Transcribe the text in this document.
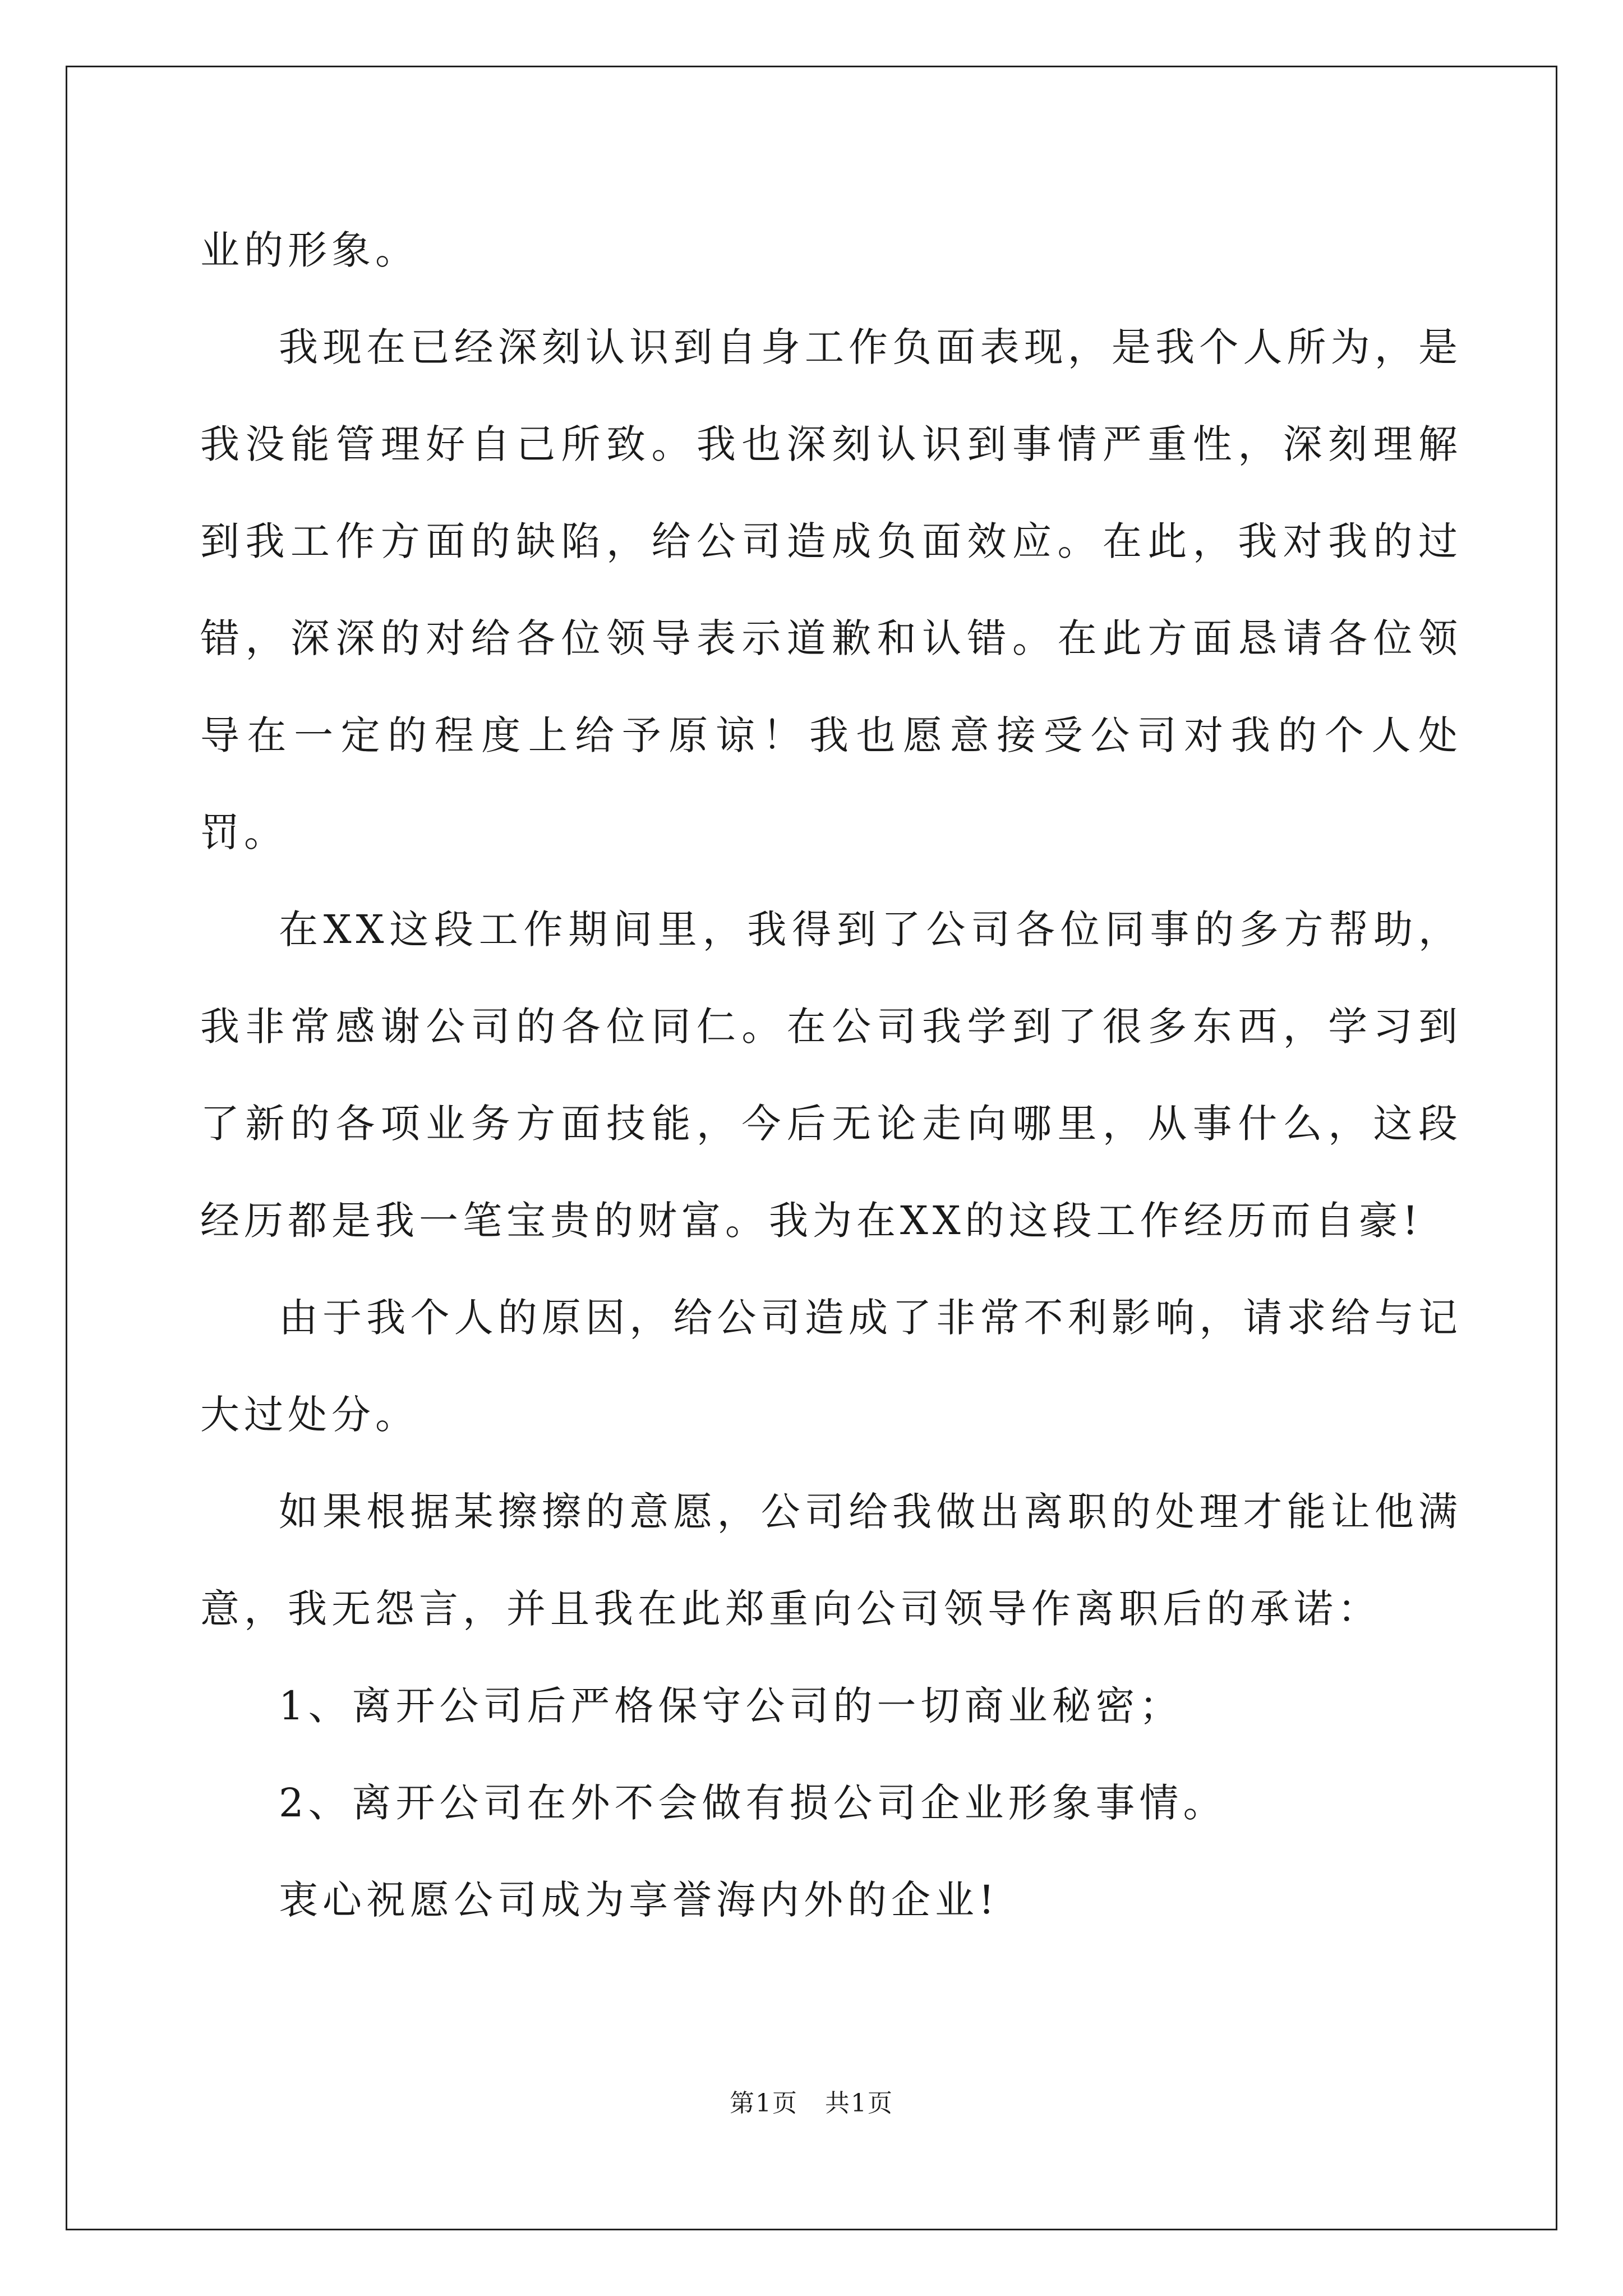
业的形象。

我现在已经深刻认识到自身工作负面表现，是我个人所为，是我没能管理好自己所致。我也深刻认识到事情严重性，深刻理解到我工作方面的缺陷，给公司造成负面效应。在此，我对我的过错，深深的对给各位领导表示道歉和认错。在此方面恳请各位领导在一定的程度上给予原谅！我也愿意接受公司对我的个人处罚。

在XX这段工作期间里，我得到了公司各位同事的多方帮助，我非常感谢公司的各位同仁。在公司我学到了很多东西，学习到了新的各项业务方面技能，今后无论走向哪里，从事什么，这段经历都是我一笔宝贵的财富。我为在XX的这段工作经历而自豪!

由于我个人的原因，给公司造成了非常不利影响，请求给与记大过处分。

如果根据某擦擦的意愿，公司给我做出离职的处理才能让他满意，我无怨言，并且我在此郑重向公司领导作离职后的承诺：

1、离开公司后严格保守公司的一切商业秘密；

2、离开公司在外不会做有损公司企业形象事情。

衷心祝愿公司成为享誉海内外的企业!

第1页 共1页
